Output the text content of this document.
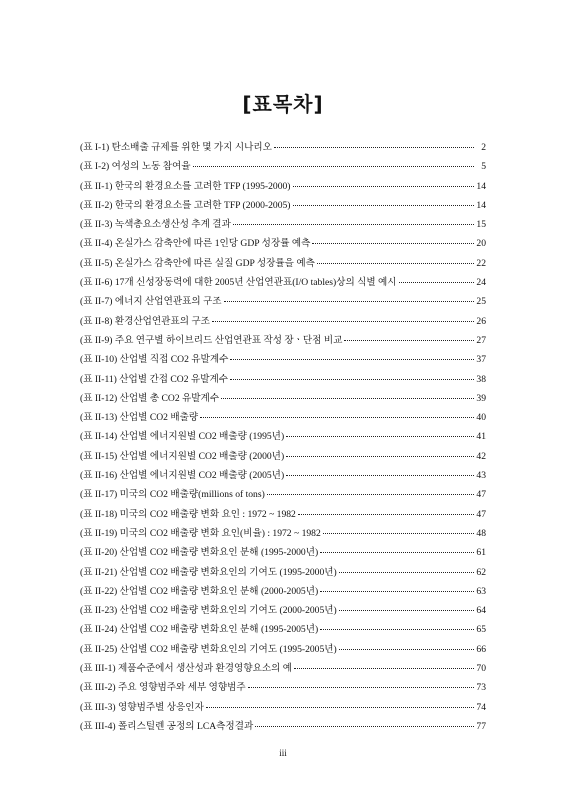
[표목차]
(표 I-1) 탄소배출 규제를 위한 몇 가지 시나리오	2
(표 I-2) 여성의 노동 참여율	5
(표 II-1) 한국의 환경요소를 고려한 TFP (1995-2000)	14
(표 II-2) 한국의 환경요소를 고려한 TFP (2000-2005)	14
(표 II-3) 녹색총요소생산성 추계 결과	15
(표 II-4) 온실가스 감축안에 따른 1인당 GDP 성장률 예측	20
(표 II-5) 온실가스 감축안에 따른 실질 GDP 성장률을 예측	22
(표 II-6) 17개 신성장동력에 대한 2005년 산업연관표(I/O tables)상의 식별 예시	24
(표 II-7) 에너지 산업연관표의 구조	25
(표 II-8) 환경산업연관표의 구조	26
(표 II-9) 주요 연구별 하이브리드 산업연관표 작성 장ㆍ단점 비교	27
(표 II-10) 산업별 직접 CO2 유발계수	37
(표 II-11) 산업별 간접 CO2 유발계수	38
(표 II-12) 산업별 총 CO2 유발계수	39
(표 II-13) 산업별 CO2 배출량	40
(표 II-14) 산업별 에너지원별 CO2 배출량 (1995년)	41
(표 II-15) 산업별 에너지원별 CO2 배출량 (2000년)	42
(표 II-16) 산업별 에너지원별 CO2 배출량 (2005년)	43
(표 II-17) 미국의 CO2 배출량(millions of tons)	47
(표 II-18) 미국의 CO2 배출량 변화 요인 : 1972 ~ 1982	47
(표 II-19) 미국의 CO2 배출량 변화 요인(비율) : 1972 ~ 1982	48
(표 II-20) 산업별 CO2 배출량 변화요인 분해 (1995-2000년)	61
(표 II-21) 산업별 CO2 배출량 변화요인의 기여도 (1995-2000년)	62
(표 II-22) 산업별 CO2 배출량 변화요인 분해 (2000-2005년)	63
(표 II-23) 산업별 CO2 배출량 변화요인의 기여도 (2000-2005년)	64
(표 II-24) 산업별 CO2 배출량 변화요인 분해 (1995-2005년)	65
(표 II-25) 산업별 CO2 배출량 변화요인의 기여도 (1995-2005년)	66
(표 III-1) 제품수준에서 생산성과 환경영향요소의 예	70
(표 III-2) 주요 영향범주와 세부 영향범주	73
(표 III-3) 영향범주별 상응인자	74
(표 III-4) 폴리스틸렌 공정의 LCA측정결과	77
iii
